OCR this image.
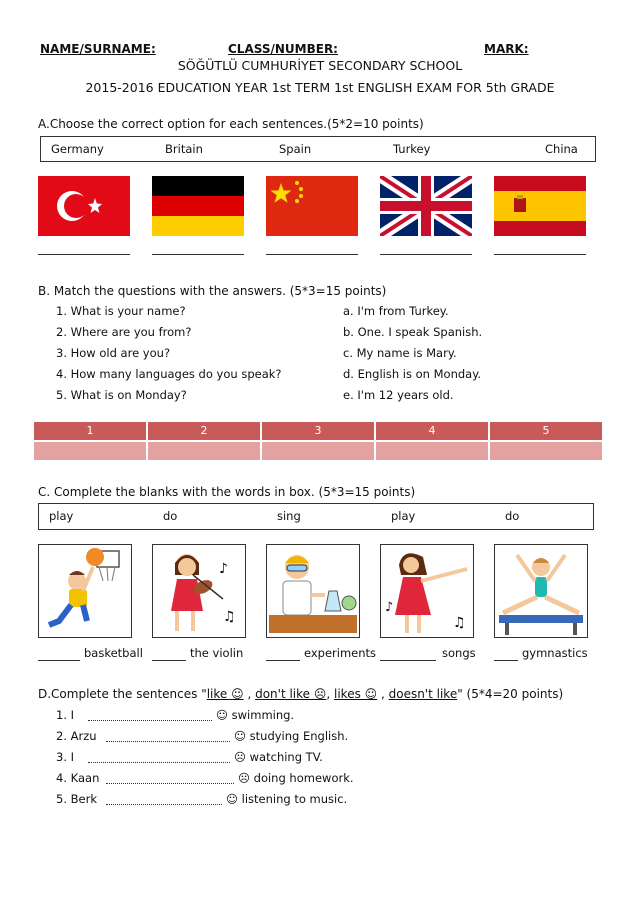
NAME/SURNAME:	CLASS/NUMBER:	MARK:
SÖĞÜTLÜ CUMHURİYET SECONDARY SCHOOL
2015-2016 EDUCATION YEAR 1st TERM 1st ENGLISH EXAM FOR 5th GRADE
A.Choose the correct option for each sentences.(5*2=10 points)
Germany	Britain	Spain	Turkey	China
B. Match the questions with the answers. (5*3=15 points)
1. What is your name?
2. Where are you from?
3. How old are you?
4. How many languages do you speak?
5. What is on Monday?
a. I'm from Turkey.
b. One. I speak Spanish.
c. My name is Mary.
d. English is on Monday.
e. I'm 12 years old.
1	2	3	4	5
C. Complete the blanks with the words in box. (5*3=15 points)
play	do	sing	play	do
♪
♫
♪
♫
basketball	the violin	experiments	songs	gymnastics
D.Complete the sentences "like ☺ , don't like ☹, likes ☺ , doesn't like" (5*4=20 points)
1. I	☺ swimming.
2. Arzu	☺ studying English.
3. I	☹ watching TV.
4. Kaan	☹ doing homework.
5. Berk	☺ listening to music.
